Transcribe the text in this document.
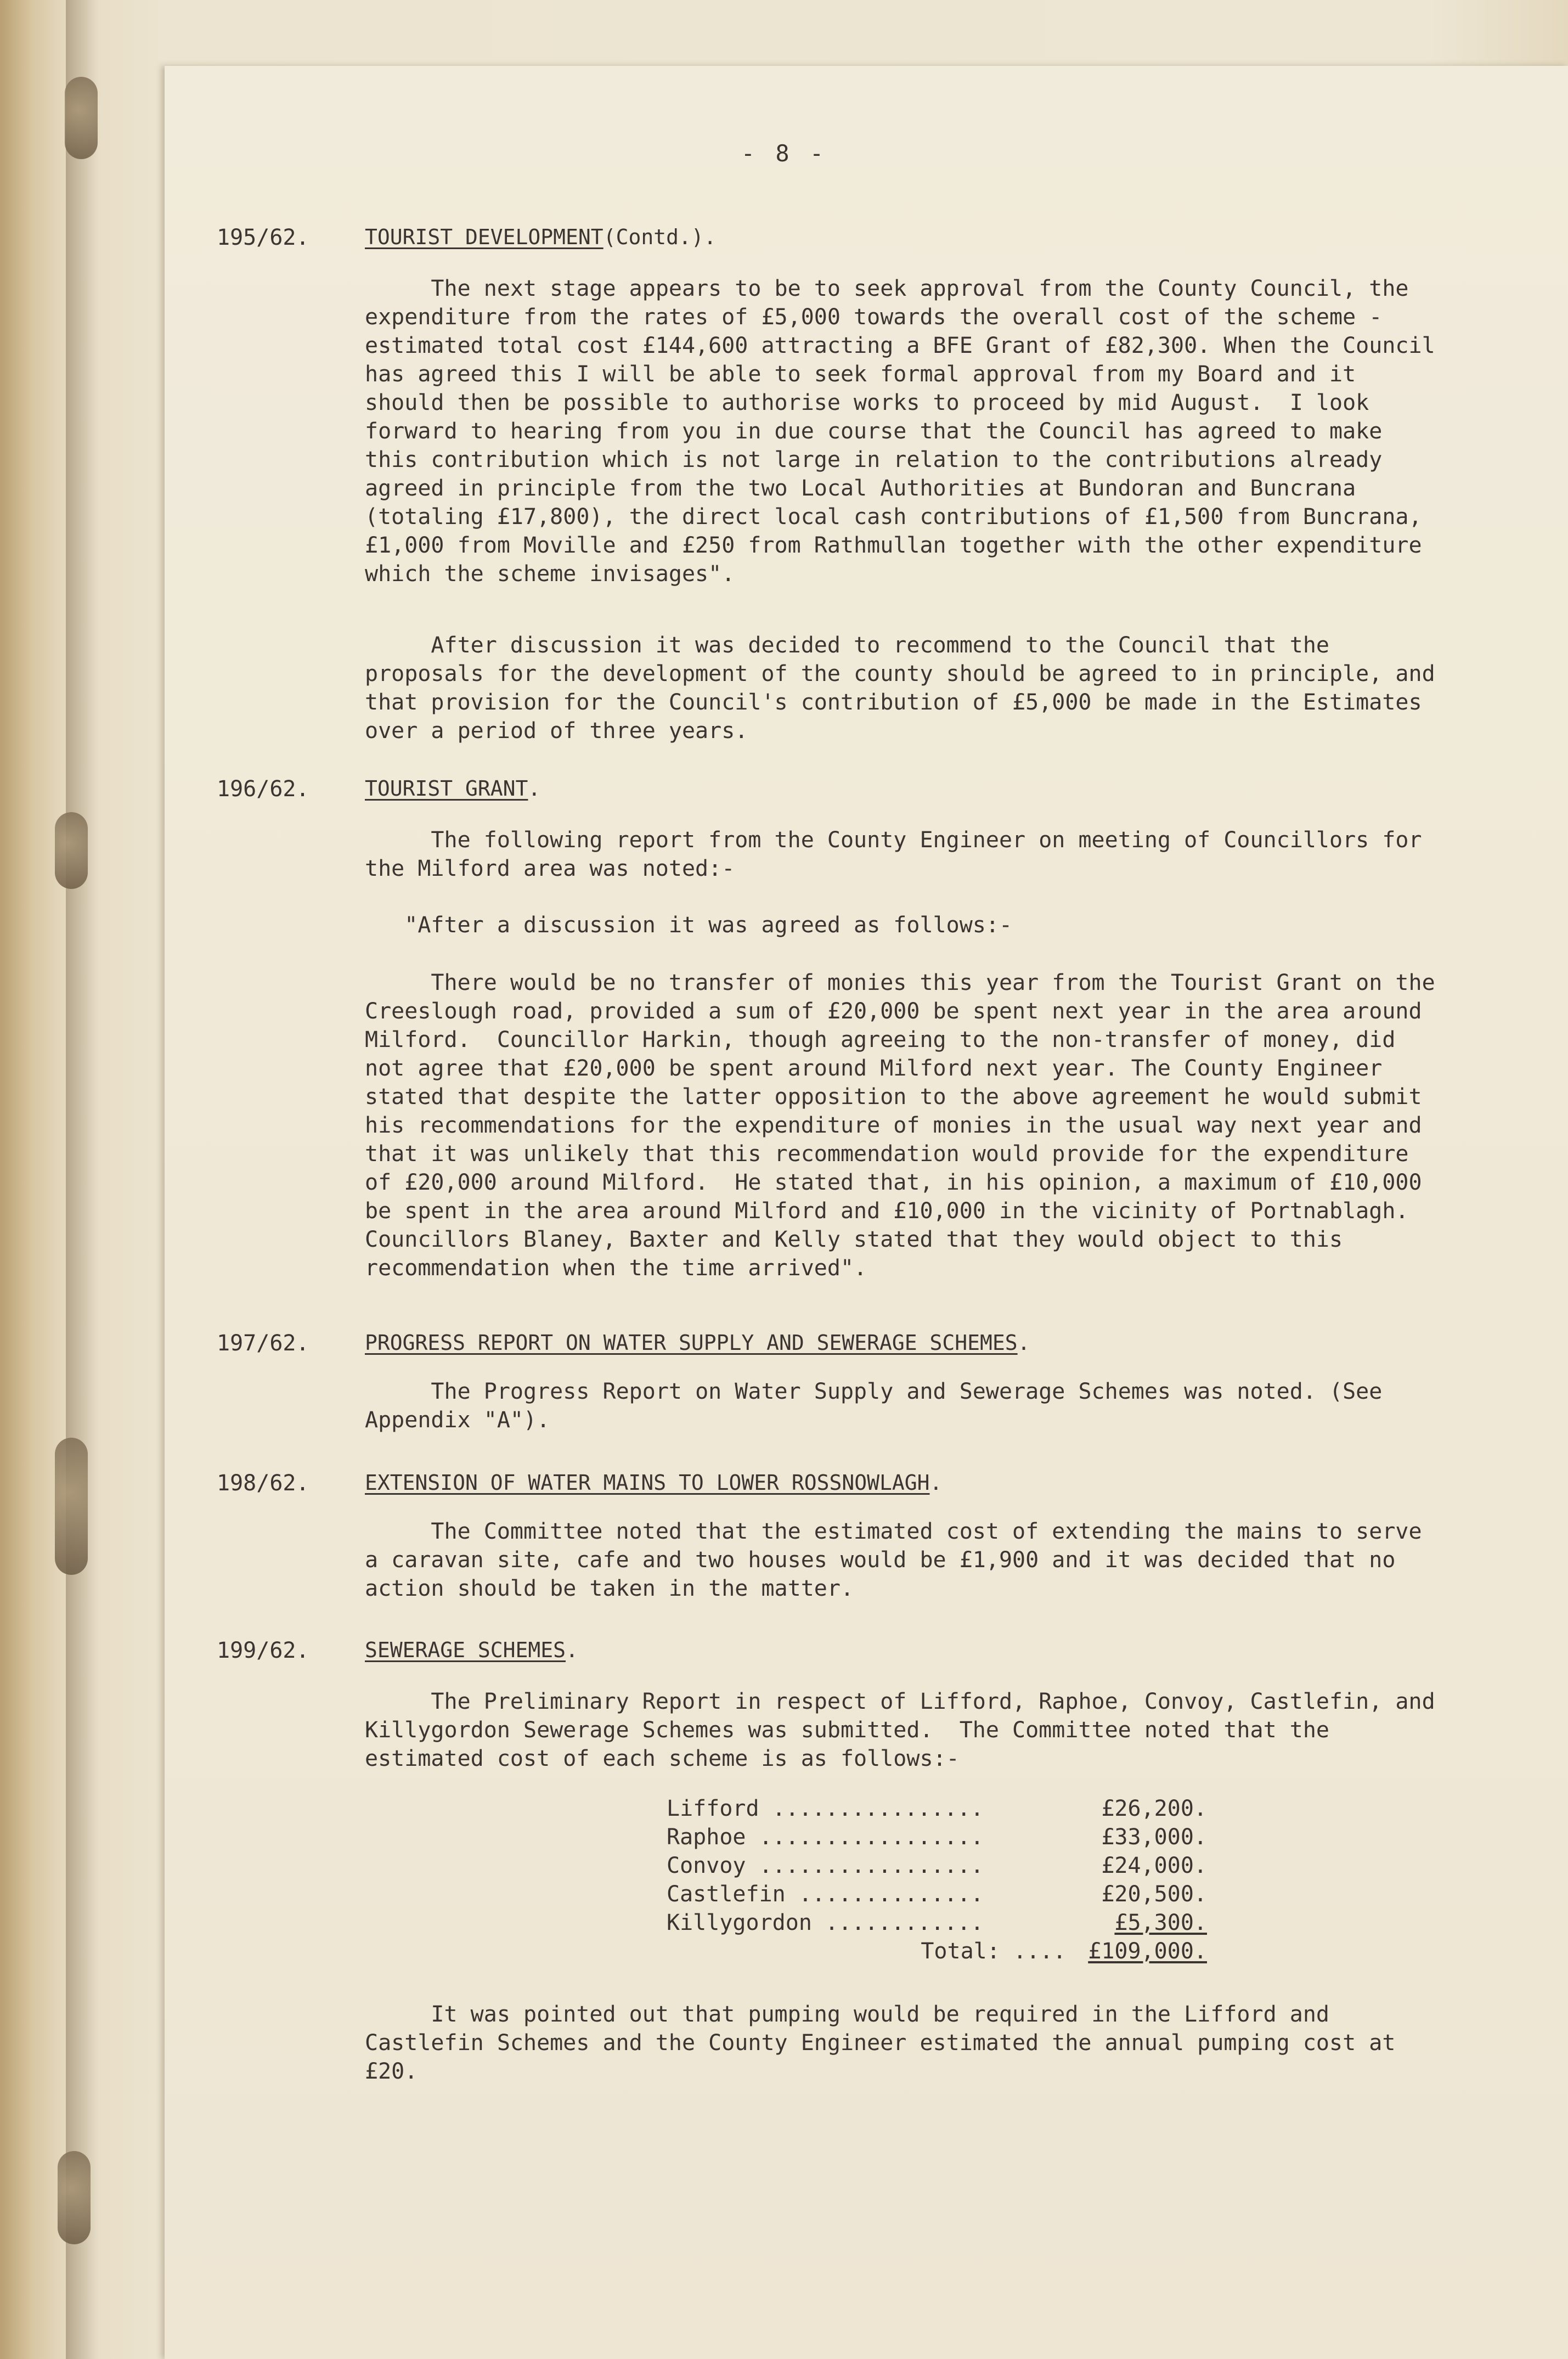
- 8 -
195/62.	TOURIST DEVELOPMENT(Contd.).
The next stage appears to be to seek approval from the County Council, the expenditure from the rates of £5,000 towards the overall cost of the scheme - estimated total cost £144,600 attracting a BFE Grant of £82,300. When the Council has agreed this I will be able to seek formal approval from my Board and it should then be possible to authorise works to proceed by mid August.  I look forward to hearing from you in due course that the Council has agreed to make this contribution which is not large in relation to the contributions already agreed in principle from the two Local Authorities at Bundoran and Buncrana (totaling £17,800), the direct local cash contributions of £1,500 from Buncrana, £1,000 from Moville and £250 from Rathmullan together with the other expenditure which the scheme invisages".
After discussion it was decided to recommend to the Council that the proposals for the development of the county should be agreed to in principle, and that provision for the Council's contribution of £5,000 be made in the Estimates over a period of three years.
196/62.	TOURIST GRANT.
The following report from the County Engineer on meeting of Councillors for the Milford area was noted:-
"After a discussion it was agreed as follows:-
There would be no transfer of monies this year from the Tourist Grant on the Creeslough road, provided a sum of £20,000 be spent next year in the area around Milford.  Councillor Harkin, though agreeing to the non-transfer of money, did not agree that £20,000 be spent around Milford next year. The County Engineer stated that despite the latter opposition to the above agreement he would submit his recommendations for the expenditure of monies in the usual way next year and that it was unlikely that this recommendation would provide for the expenditure of £20,000 around Milford.  He stated that, in his opinion, a maximum of £10,000 be spent in the area around Milford and £10,000 in the vicinity of Portnablagh.  Councillors Blaney, Baxter and Kelly stated that they would object to this recommendation when the time arrived".
197/62.	PROGRESS REPORT ON WATER SUPPLY AND SEWERAGE SCHEMES.
The Progress Report on Water Supply and Sewerage Schemes was noted. (See Appendix "A").
198/62.	EXTENSION OF WATER MAINS TO LOWER ROSSNOWLAGH.
The Committee noted that the estimated cost of extending the mains to serve a caravan site, cafe and two houses would be £1,900 and it was decided that no action should be taken in the matter.
199/62.	SEWERAGE SCHEMES.
The Preliminary Report in respect of Lifford, Raphoe, Convoy, Castlefin, and Killygordon Sewerage Schemes was submitted.  The Committee noted that the estimated cost of each scheme is as follows:-
It was pointed out that pumping would be required in the Lifford and Castlefin Schemes and the County Engineer estimated the annual pumping cost at £20.
Lifford ................	£26,200.
Raphoe .................	£33,000.
Convoy .................	£24,000.
Castlefin ..............	£20,500.
Killygordon ............	£5,300.
Total: .... £109,000.
